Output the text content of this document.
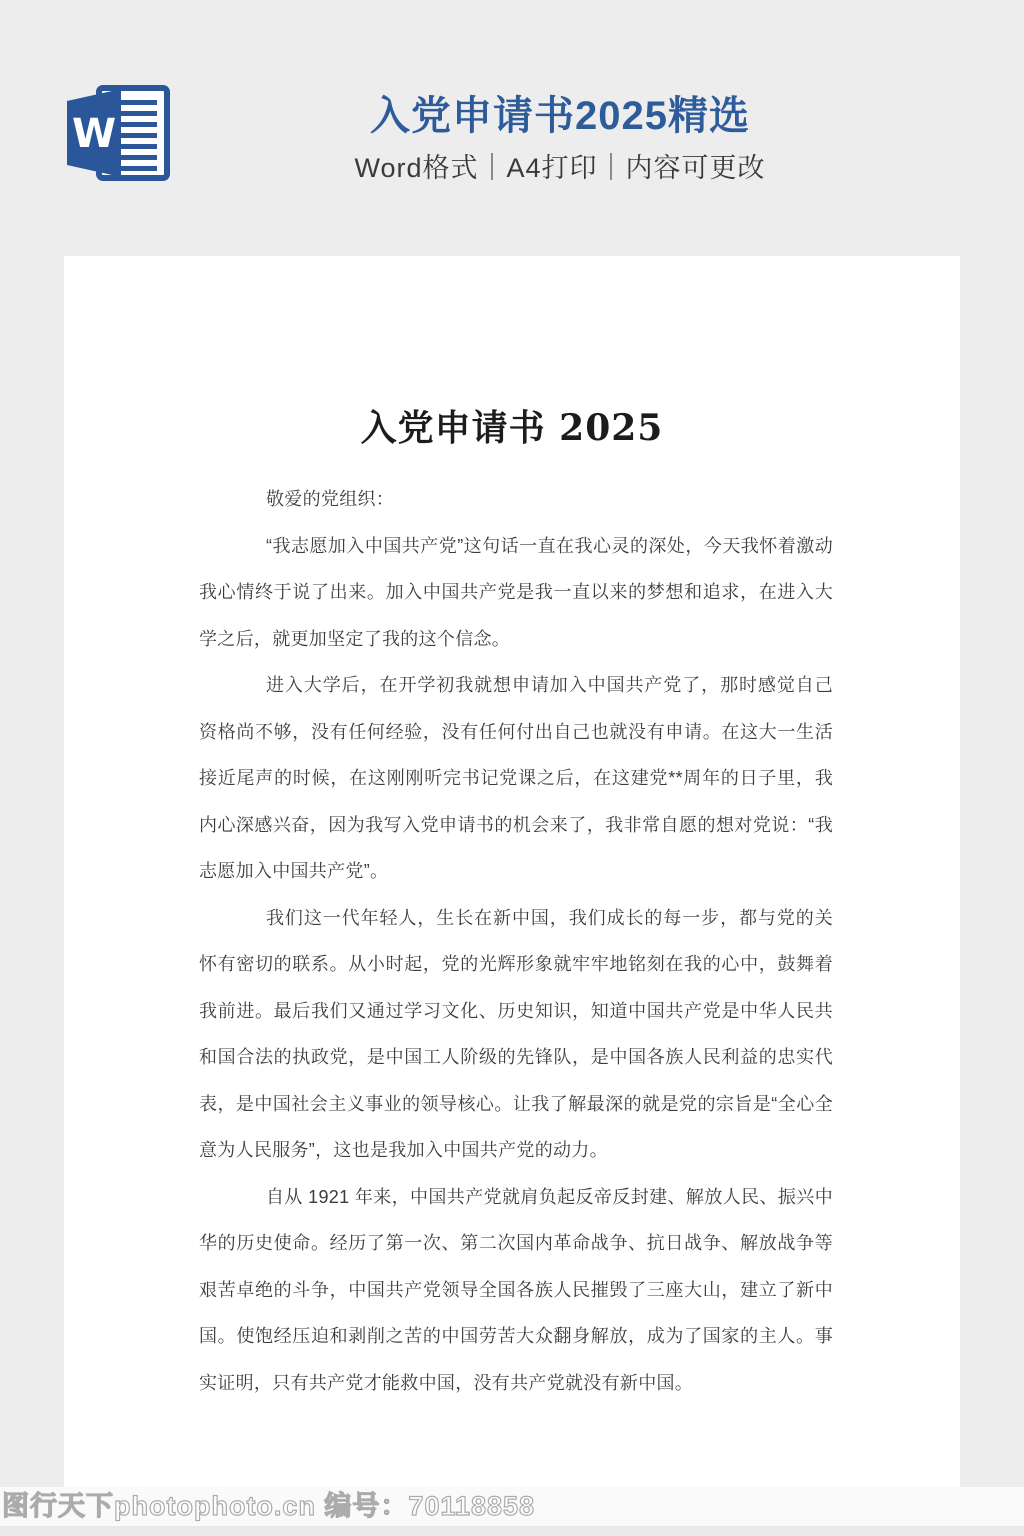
W	入党申请书2025精选
Word格式｜A4打印｜内容可更改
入党申请书 2025

敬爱的党组织：

“我志愿加入中国共产党”这句话一直在我心灵的深处，今天我怀着激动我心情终于说了出来。加入中国共产党是我一直以来的梦想和追求，在进入大学之后，就更加坚定了我的这个信念。

进入大学后，在开学初我就想申请加入中国共产党了，那时感觉自己资格尚不够，没有任何经验，没有任何付出自己也就没有申请。在这大一生活接近尾声的时候，在这刚刚听完书记党课之后，在这建党**周年的日子里，我内心深感兴奋，因为我写入党申请书的机会来了，我非常自愿的想对党说：“我志愿加入中国共产党”。

我们这一代年轻人，生长在新中国，我们成长的每一步，都与党的关怀有密切的联系。从小时起，党的光辉形象就牢牢地铭刻在我的心中，鼓舞着我前进。最后我们又通过学习文化、历史知识，知道中国共产党是中华人民共和国合法的执政党，是中国工人阶级的先锋队，是中国各族人民利益的忠实代表，是中国社会主义事业的领导核心。让我了解最深的就是党的宗旨是“全心全意为人民服务”，这也是我加入中国共产党的动力。

自从 1921 年来，中国共产党就肩负起反帝反封建、解放人民、振兴中华的历史使命。经历了第一次、第二次国内革命战争、抗日战争、解放战争等艰苦卓绝的斗争，中国共产党领导全国各族人民摧毁了三座大山，建立了新中国。使饱经压迫和剥削之苦的中国劳苦大众翻身解放，成为了国家的主人。事实证明，只有共产党才能救中国，没有共产党就没有新中国。

图行天下photophoto.cn 编号：70118858
